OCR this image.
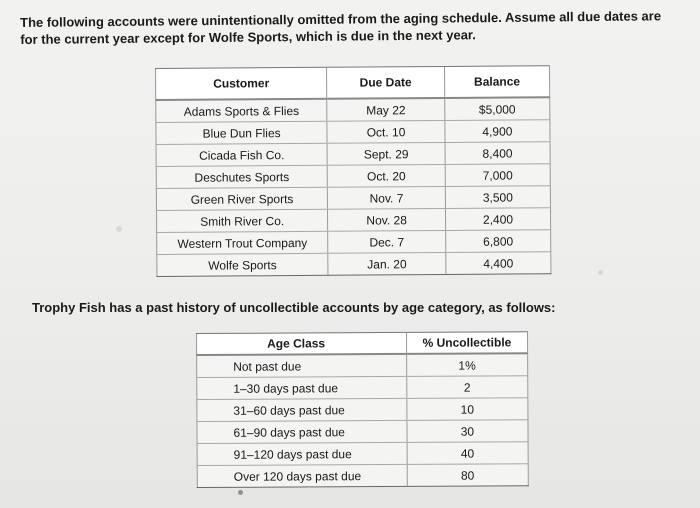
The following accounts were unintentionally omitted from the aging schedule. Assume all due dates are for the current year except for Wolfe Sports, which is due in the next year.
Customer	Due Date	Balance
Adams Sports & Flies	May 22	$5,000
Blue Dun Flies	Oct. 10	4,900
Cicada Fish Co.	Sept. 29	8,400
Deschutes Sports	Oct. 20	7,000
Green River Sports	Nov. 7	3,500
Smith River Co.	Nov. 28	2,400
Western Trout Company	Dec. 7	6,800
Wolfe Sports	Jan. 20	4,400
Trophy Fish has a past history of uncollectible accounts by age category, as follows:
Age Class	% Uncollectible
Not past due	1%
1–30 days past due	2
31–60 days past due	10
61–90 days past due	30
91–120 days past due	40
Over 120 days past due	80
